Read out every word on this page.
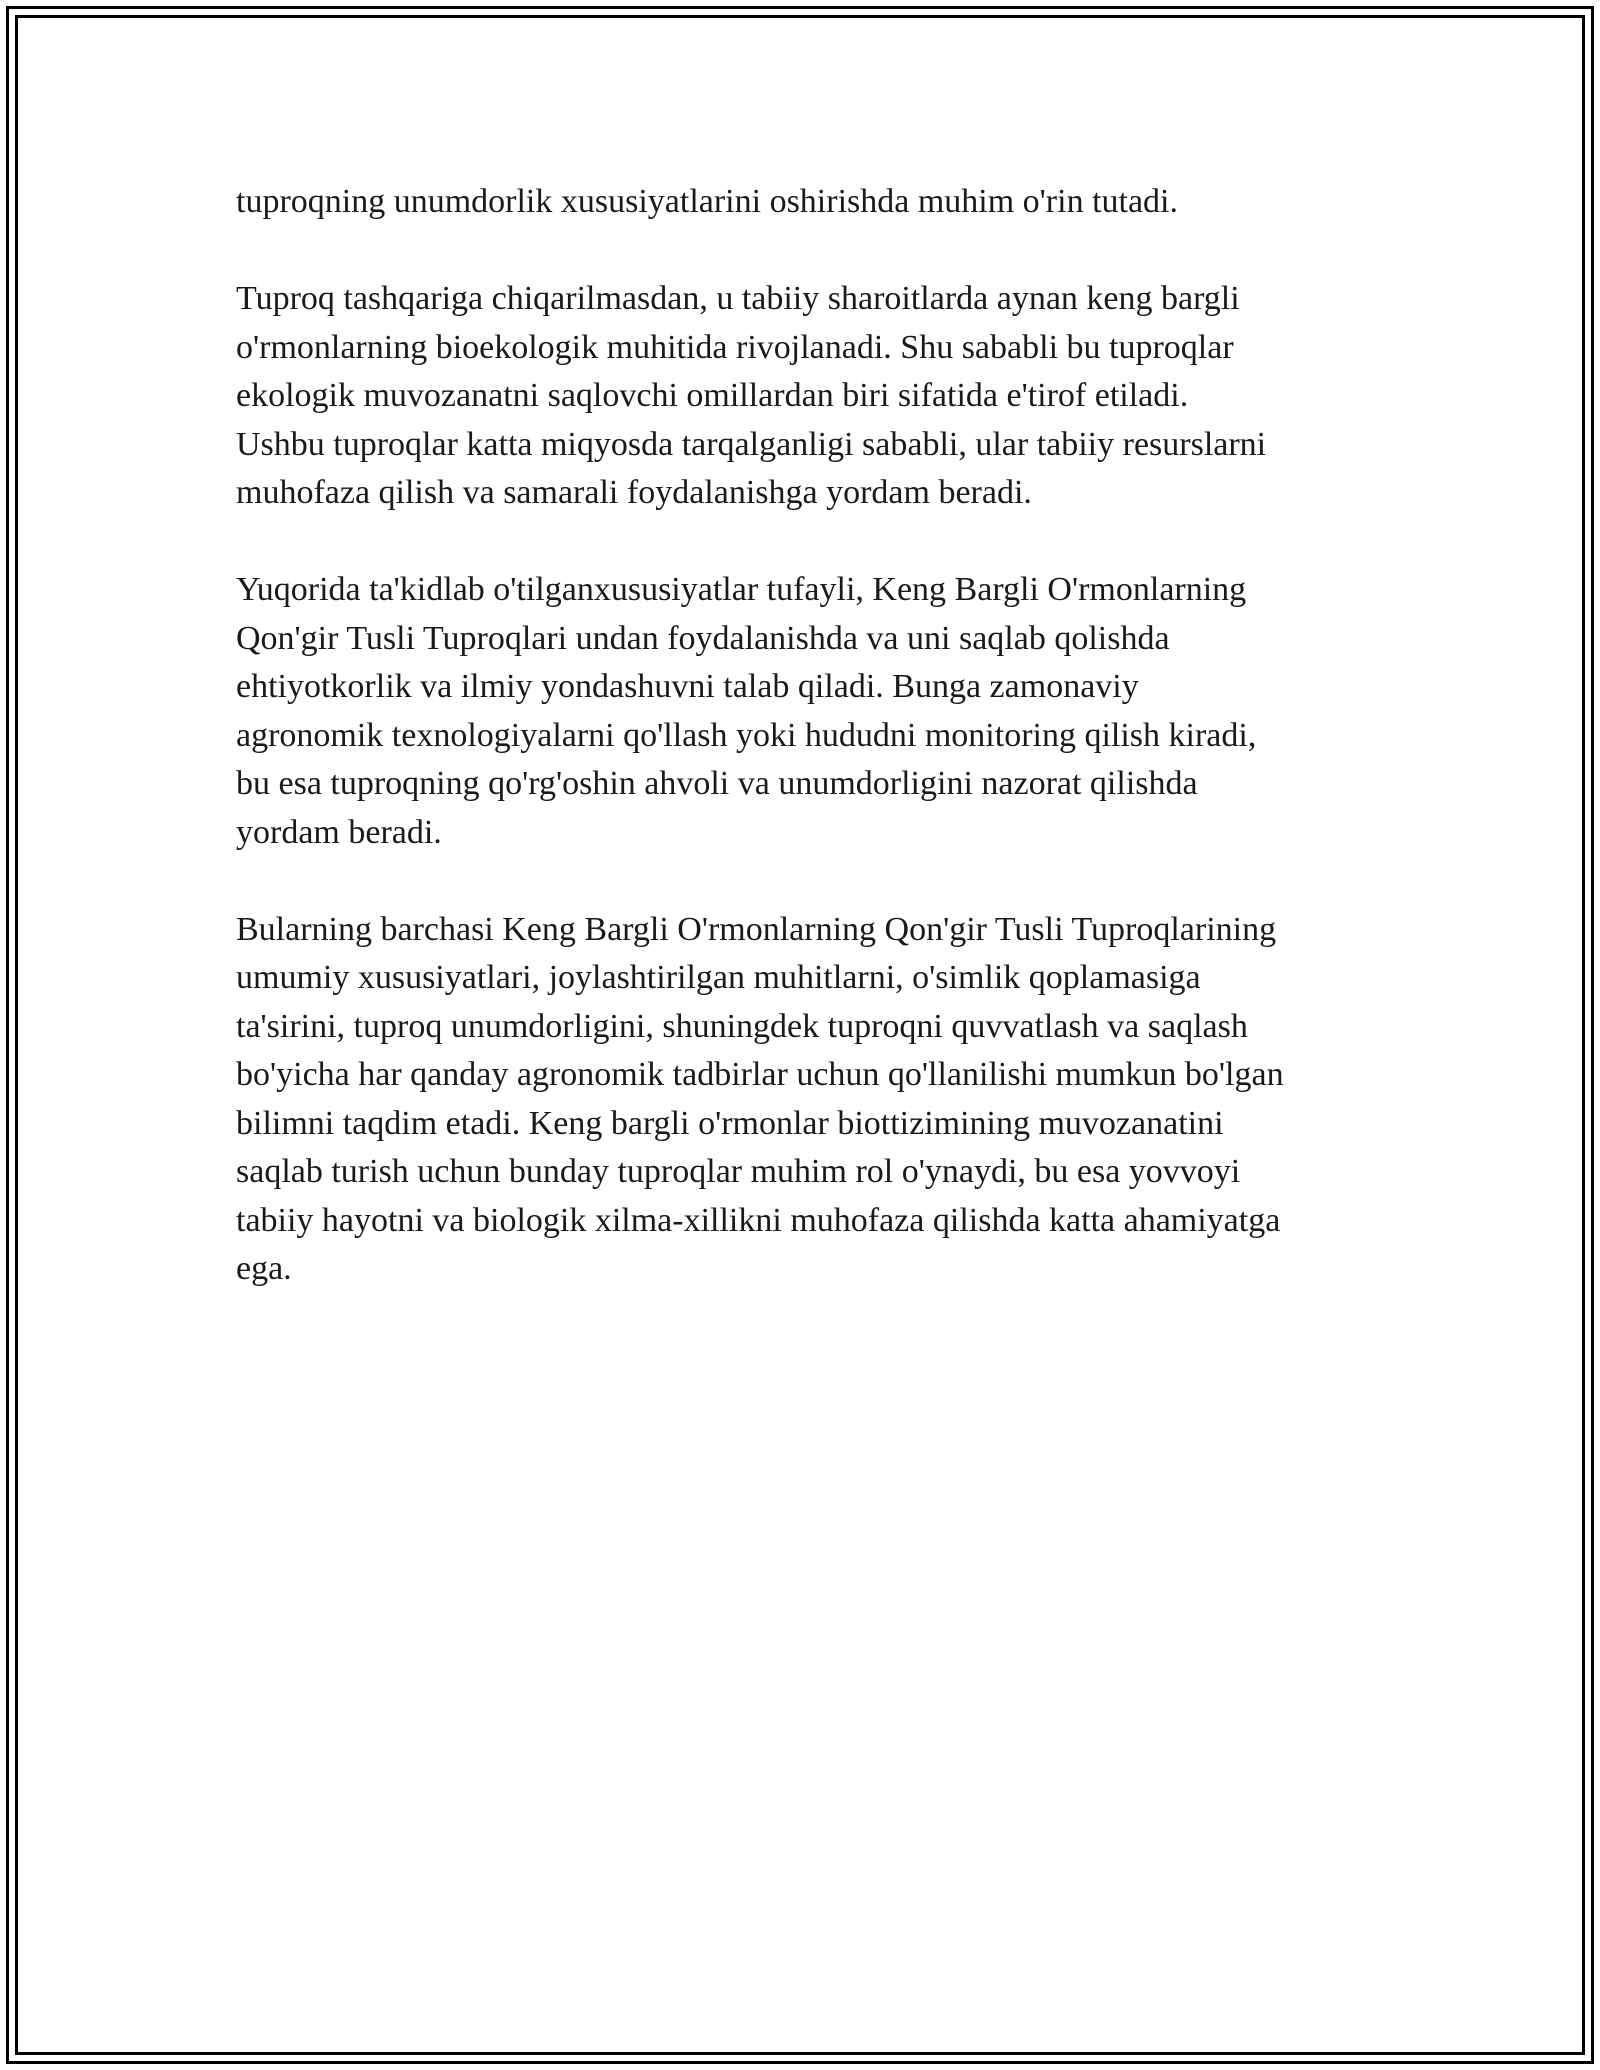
tuproqning unumdorlik xususiyatlarini oshirishda muhim o'rin tutadi.

Tuproq tashqariga chiqarilmasdan, u tabiiy sharoitlarda aynan keng bargli
o'rmonlarning bioekologik muhitida rivojlanadi. Shu sababli bu tuproqlar
ekologik muvozanatni saqlovchi omillardan biri sifatida e'tirof etiladi.
Ushbu tuproqlar katta miqyosda tarqalganligi sababli, ular tabiiy resurslarni
muhofaza qilish va samarali foydalanishga yordam beradi.

Yuqorida ta'kidlab o'tilganxususiyatlar tufayli, Keng Bargli O'rmonlarning
Qon'gir Tusli Tuproqlari undan foydalanishda va uni saqlab qolishda
ehtiyotkorlik va ilmiy yondashuvni talab qiladi. Bunga zamonaviy
agronomik texnologiyalarni qo'llash yoki hududni monitoring qilish kiradi,
bu esa tuproqning qo'rg'oshin ahvoli va unumdorligini nazorat qilishda
yordam beradi.

Bularning barchasi Keng Bargli O'rmonlarning Qon'gir Tusli Tuproqlarining
umumiy xususiyatlari, joylashtirilgan muhitlarni, o'simlik qoplamasiga
ta'sirini, tuproq unumdorligini, shuningdek tuproqni quvvatlash va saqlash
bo'yicha har qanday agronomik tadbirlar uchun qo'llanilishi mumkun bo'lgan
bilimni taqdim etadi. Keng bargli o'rmonlar biottizimining muvozanatini
saqlab turish uchun bunday tuproqlar muhim rol o'ynaydi, bu esa yovvoyi
tabiiy hayotni va biologik xilma-xillikni muhofaza qilishda katta ahamiyatga
ega.
